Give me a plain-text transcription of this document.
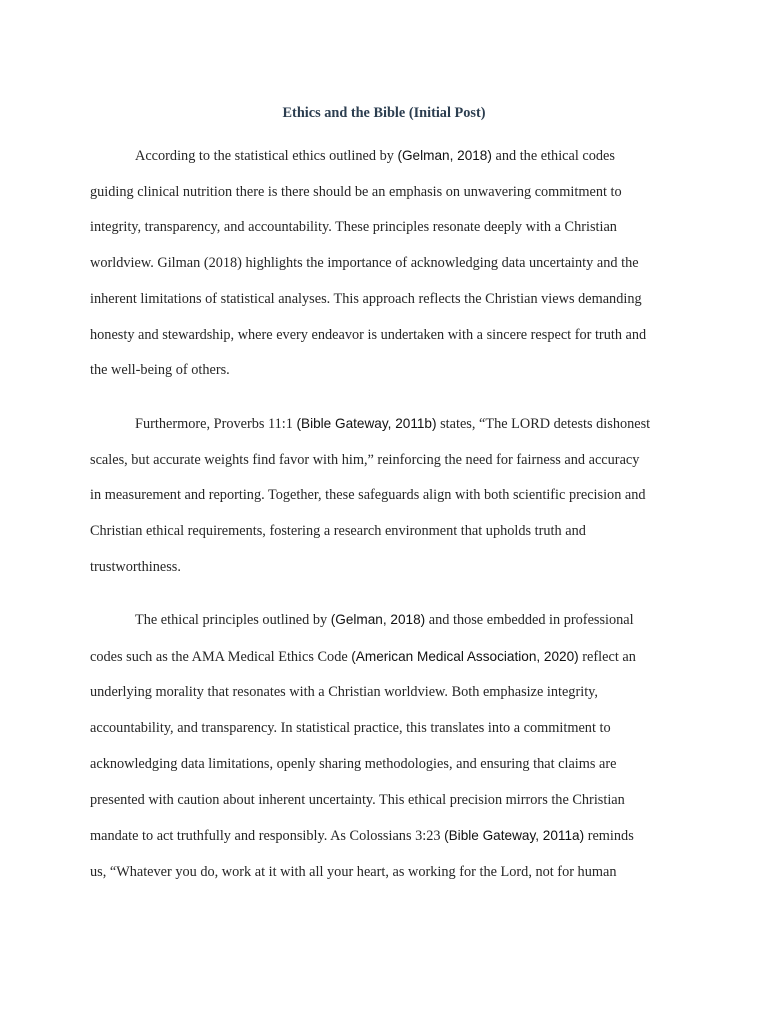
Ethics and the Bible (Initial Post)

According to the statistical ethics outlined by (Gelman, 2018) and the ethical codes
guiding clinical nutrition there is there should be an emphasis on unwavering commitment to
integrity, transparency, and accountability. These principles resonate deeply with a Christian
worldview. Gilman (2018) highlights the importance of acknowledging data uncertainty and the
inherent limitations of statistical analyses. This approach reflects the Christian views demanding
honesty and stewardship, where every endeavor is undertaken with a sincere respect for truth and
the well-being of others.

Furthermore, Proverbs 11:1 (Bible Gateway, 2011b) states, “The LORD detests dishonest
scales, but accurate weights find favor with him,” reinforcing the need for fairness and accuracy
in measurement and reporting. Together, these safeguards align with both scientific precision and
Christian ethical requirements, fostering a research environment that upholds truth and
trustworthiness.

The ethical principles outlined by (Gelman, 2018) and those embedded in professional
codes such as the AMA Medical Ethics Code (American Medical Association, 2020) reflect an
underlying morality that resonates with a Christian worldview. Both emphasize integrity,
accountability, and transparency. In statistical practice, this translates into a commitment to
acknowledging data limitations, openly sharing methodologies, and ensuring that claims are
presented with caution about inherent uncertainty. This ethical precision mirrors the Christian
mandate to act truthfully and responsibly. As Colossians 3:23 (Bible Gateway, 2011a) reminds
us, “Whatever you do, work at it with all your heart, as working for the Lord, not for human
